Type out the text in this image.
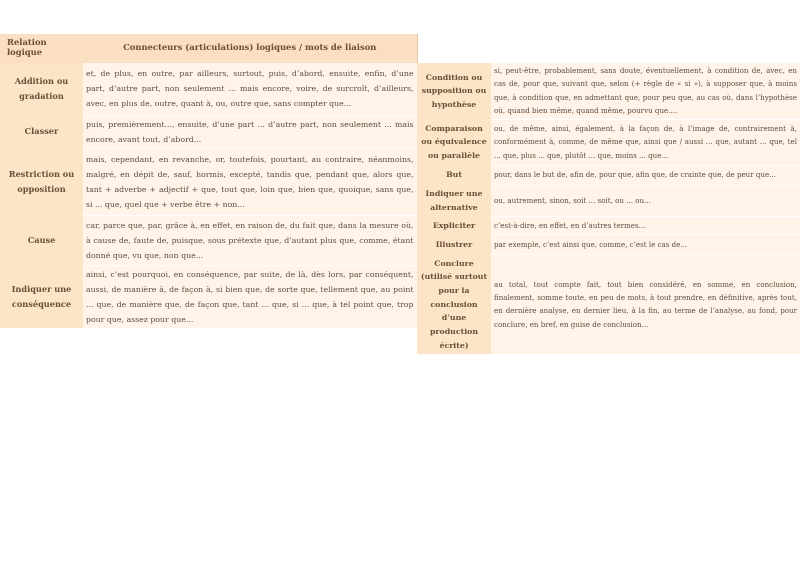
Relation logique	Connecteurs (articulations) logiques / mots de liaison

Addition ou gradation	et, de plus, en outre, par ailleurs, surtout, puis, d’abord, ensuite, enfin, d’une part, d’autre part, non seulement ... mais encore, voire, de surcroît, d’ailleurs, avec, en plus de, outre, quant à, ou, outre que, sans compter que...
Classer	puis, premièrement..., ensuite, d’une part ... d’autre part, non seulement ... mais encore, avant tout, d’abord...
Restriction ou opposition	mais, cependant, en revanche, or, toutefois, pourtant, au contraire, néanmoins, malgré, en dépit de, sauf, hormis, excepté, tandis que, pendant que, alors que, tant + adverbe + adjectif + que, tout que, loin que, bien que, quoique, sans que, si ... que, quel que + verbe être + non...
Cause	car, parce que, par, grâce à, en effet, en raison de, du fait que, dans la mesure où, à cause de, faute de, puisque, sous prétexte que, d’autant plus que, comme, étant donné que, vu que, non que...
Indiquer une conséquence	ainsi, c’est pourquoi, en conséquence, par suite, de là, dès lors, par conséquent, aussi, de manière à, de façon à, si bien que, de sorte que, tellement que, au point ... que, de manière que, de façon que, tant ... que, si ... que, à tel point que, trop pour que, assez pour que...
Condition ou supposition ou hypothèse	si, peut-être, probablement, sans doute, éventuellement, à condition de, avec, en cas de, pour que, suivant que, selon (+ règle de « si »), à supposer que, à moins que, à condition que, en admettant que, pour peu que, au cas où, dans l’hypothèse où, quand bien même, quand même, pourvu que....
Comparaison ou équivalence ou parallèle	ou, de même, ainsi, également, à la façon de, à l’image de, contrairement à, conformément à, comme, de même que, ainsi que / aussi ... que, autant ... que, tel ... que, plus ... que, plutôt ... que, moins ... que...
But	pour, dans le but de, afin de, pour que, afin que, de crainte que, de peur que...
Indiquer une alternative	ou, autrement, sinon, soit ... soit, ou ... ou...
Expliciter	c’est-à-dire, en effet, en d’autres termes...
Illustrer	par exemple, c’est ainsi que, comme, c’est le cas de...
Conclure (utilisé surtout pour la conclusion d’une production écrite)	au total, tout compte fait, tout bien considéré, en somme, en conclusion, finalement, somme toute, en peu de mots, à tout prendre, en définitive, après tout, en dernière analyse, en dernier lieu, à la fin, au terme de l’analyse, au fond, pour conclure, en bref, en guise de conclusion...
